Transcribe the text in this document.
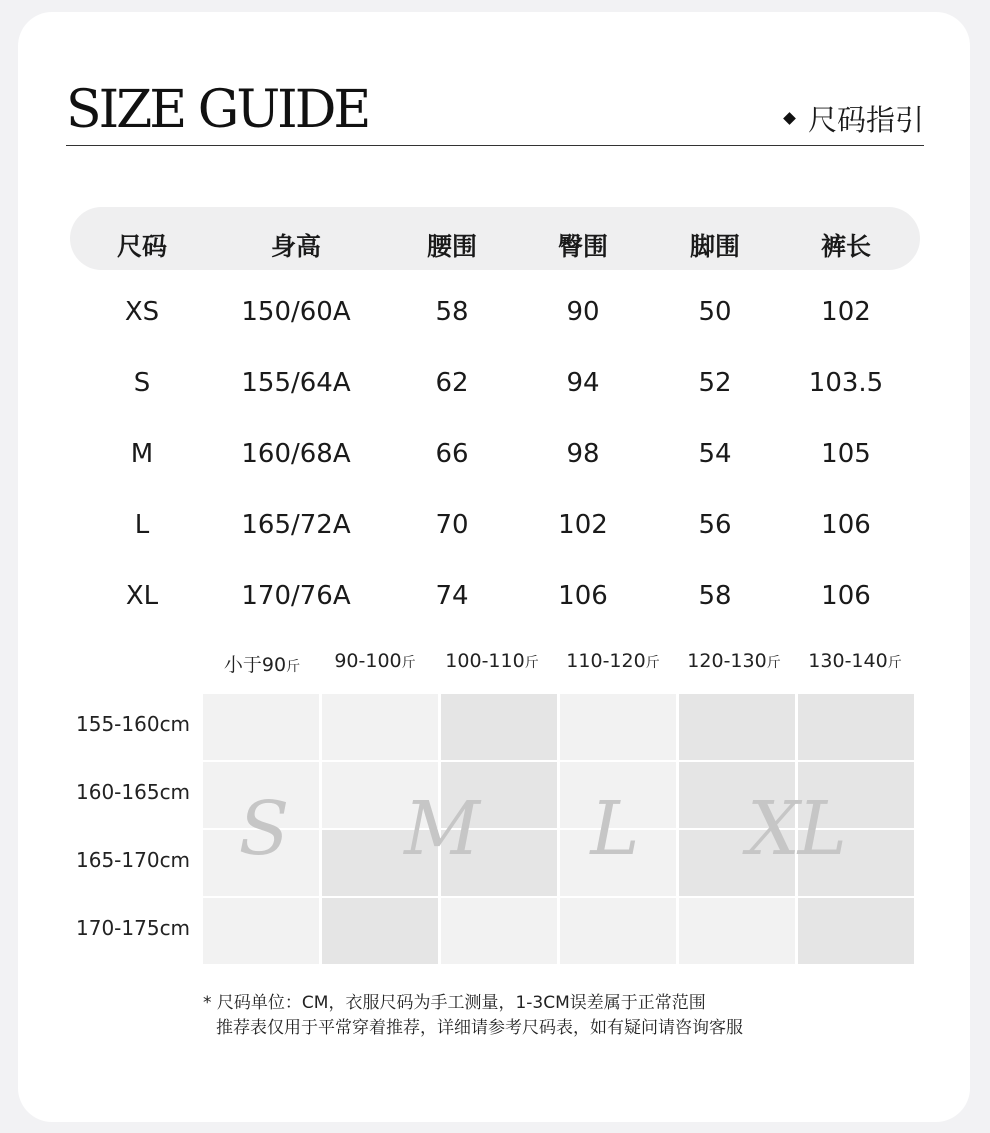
SIZE GUIDE	尺码指引
尺码	身高	腰围	臀围	脚围	裤长
XS	150/60A	58	90	50	102
S	155/64A	62	94	52	103.5
M	160/68A	66	98	54	105
L	165/72A	70	102	56	106
XL	170/76A	74	106	58	106
小于90斤 90-100斤 100-110斤 110-120斤 120-130斤 130-140斤
155-160cm
160-165cm
165-170cm
170-175cm
S M L XL
* 尺码单位：CM，衣服尺码为手工测量，1-3CM误差属于正常范围
推荐表仅用于平常穿着推荐，详细请参考尺码表，如有疑问请咨询客服
